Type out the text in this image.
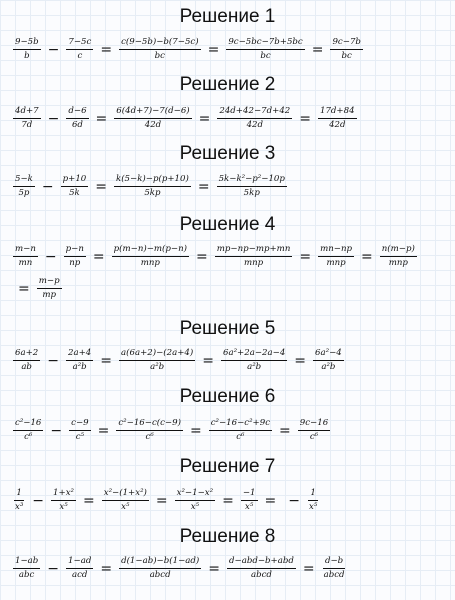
Решение 1
$\frac{9-5b}{b} - \frac{7-5c}{c} = \frac{c(9-5b)-b(7-5c)}{bc} = \frac{9c-5bc-7b+5bc}{bc} = \frac{9c-7b}{bc}$
Решение 2
$\frac{4d+7}{7d} - \frac{d-6}{6d} = \frac{6(4d+7)-7(d-6)}{42d} = \frac{24d+42-7d+42}{42d} = \frac{17d+84}{42d}$
Решение 3
$\frac{5-k}{5p} - \frac{p+10}{5k} = \frac{k(5-k)-p(p+10)}{5kp} = \frac{\text{5k−k²−p²−10p}}{5kp}$
Решение 4
$\frac{m-n}{mn} - \frac{p-n}{np} = \frac{p(m-n)-m(p-n)}{\text{mnp}} = \frac{mp-np-mp+mn}{\text{mnp}} = \frac{mn-np}{\text{mnp}} = \frac{n(m-p)}{\text{mnp}}$
= $\frac{m-p}{mp}$
Решение 5
$\frac{6a+2}{ab} - \frac{2a+4}{\text{a²b}} = \frac{a(6a+2)-(2a+4)}{\text{a²b}} = \frac{\text{6a²+2a−2a−4}}{\text{a²b}} = \frac{\text{6a²−4}}{\text{a²b}}$
Решение 6
$\frac{\text{c²−16}}{\text{c⁶}} - \frac{c-9}{\text{c⁵}} = \frac{\text{c²−16−c(c−9)}}{\text{c⁶}} = \frac{\text{c²−16−c²+9c}}{\text{c⁶}} = \frac{9c-16}{\text{c⁶}}$
Решение 7
$\frac{1}{\text{x³}} - \frac{\text{1+x²}}{\text{x⁵}} = \frac{\text{x²−(1+x²)}}{\text{x⁵}} = \frac{\text{x²−1−x²}}{\text{x⁵}} = \frac{-1}{\text{x⁵}}$ = − $\frac{1}{\text{x⁵}}$
Решение 8
$\frac{1-ab}{\text{abc}} - \frac{1-ad}{\text{acd}} = \frac{d(1-ab)-b(1-ad)}{\text{abcd}} = \frac{\text{d−abd−b+abd}}{\text{abcd}} = \frac{d-b}{\text{abcd}}$
